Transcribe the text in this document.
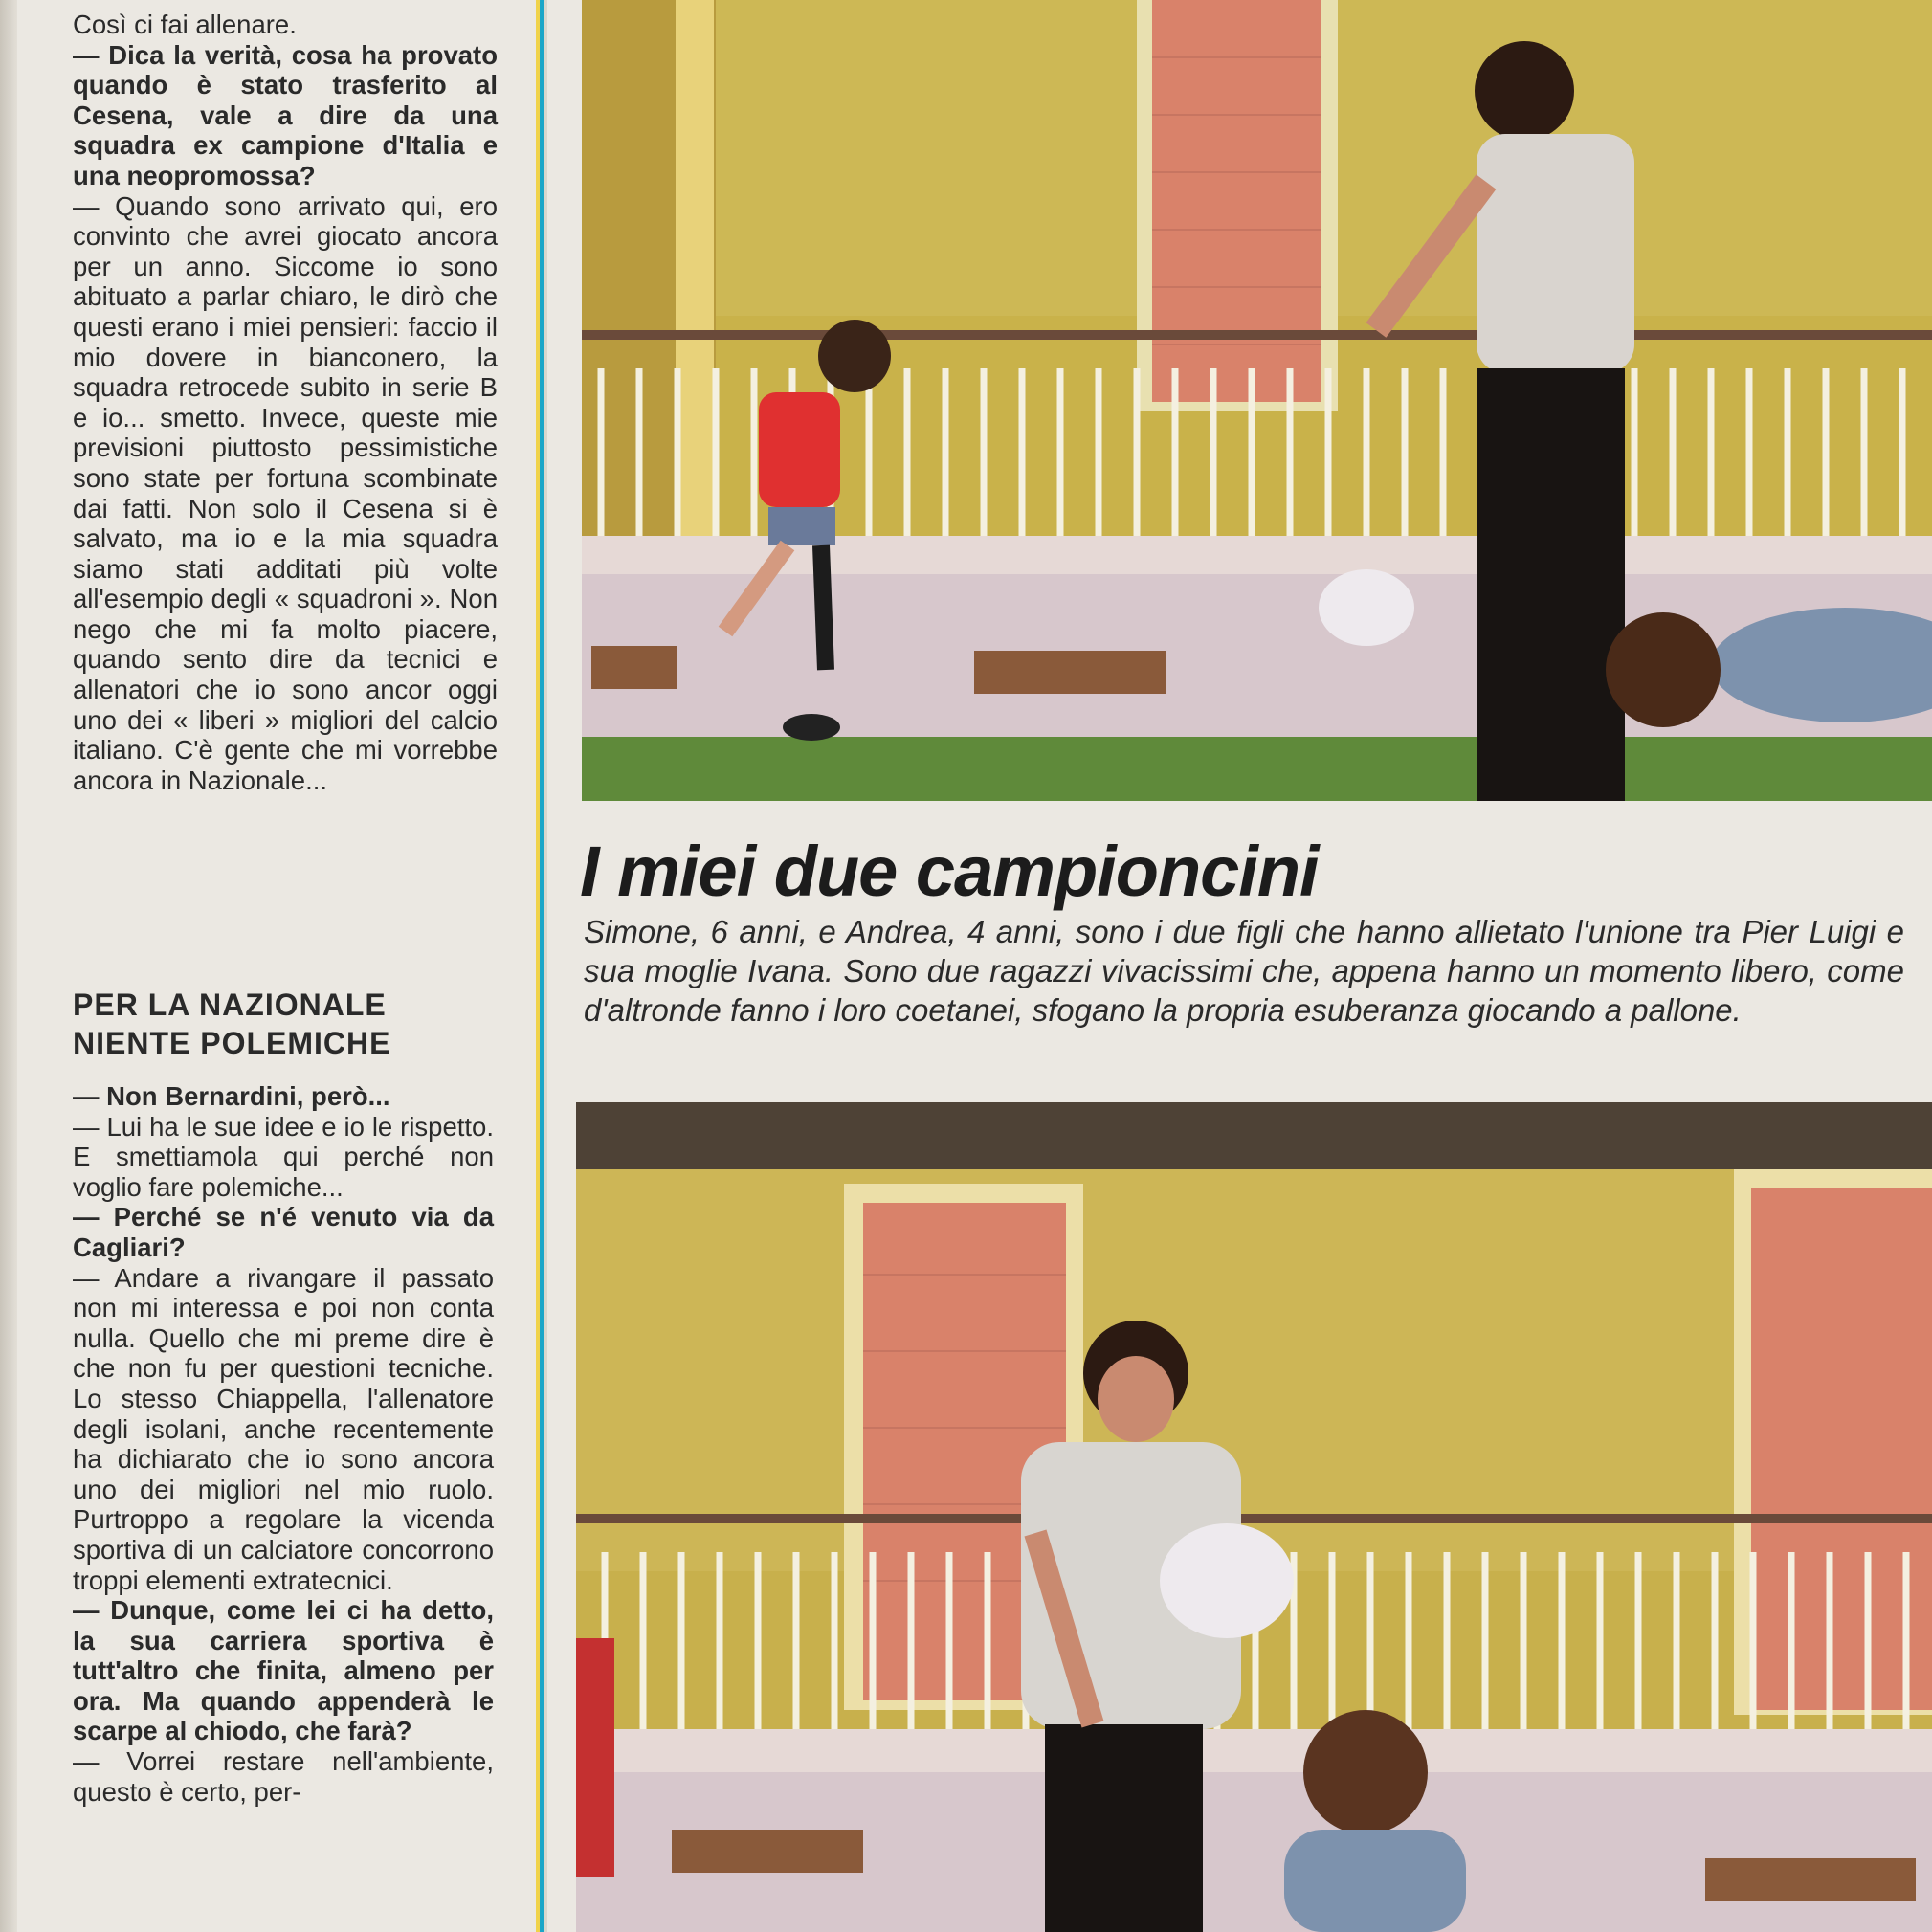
Così ci fai allenare.

— Dica la verità, cosa ha provato quando è stato trasferito al Cesena, vale a dire da una squadra ex campione d'Italia e una neopromossa?

— Quando sono arrivato qui, ero convinto che avrei giocato ancora per un anno. Siccome io sono abituato a parlar chiaro, le dirò che questi erano i miei pensieri: faccio il mio dovere in bianconero, la squadra retrocede subito in serie B e io... smetto. Invece, queste mie previsioni piuttosto pessimistiche sono state per fortuna scombinate dai fatti. Non solo il Cesena si è salvato, ma io e la mia squadra siamo stati additati più volte all'esempio degli « squadroni ». Non nego che mi fa molto piacere, quando sento dire da tecnici e allenatori che io sono ancor oggi uno dei « liberi » migliori del calcio italiano. C'è gente che mi vorrebbe ancora in Nazionale...

PER LA NAZIONALE
NIENTE POLEMICHE

— Non Bernardini, però...

— Lui ha le sue idee e io le rispetto. E smettiamola qui perché non voglio fare polemiche...

— Perché se n'é venuto via da Cagliari?

— Andare a rivangare il passato non mi interessa e poi non conta nulla. Quello che mi preme dire è che non fu per questioni tecniche. Lo stesso Chiappella, l'allenatore degli isolani, anche recentemente ha dichiarato che io sono ancora uno dei migliori nel mio ruolo. Purtroppo a regolare la vicenda sportiva di un calciatore concorrono troppi elementi extratecnici.

— Dunque, come lei ci ha detto, la sua carriera sportiva è tutt'altro che finita, almeno per ora. Ma quando appenderà le scarpe al chiodo, che farà?

— Vorrei restare nell'ambiente, questo è certo, per-

I miei due campioncini
Simone, 6 anni, e Andrea, 4 anni, sono i due figli che hanno allietato l'unione tra Pier Luigi e sua moglie Ivana. Sono due ragazzi vivacissimi che, appena hanno un momento libero, come d'altronde fanno i loro coetanei, sfogano la propria esuberanza giocando a pallone.
